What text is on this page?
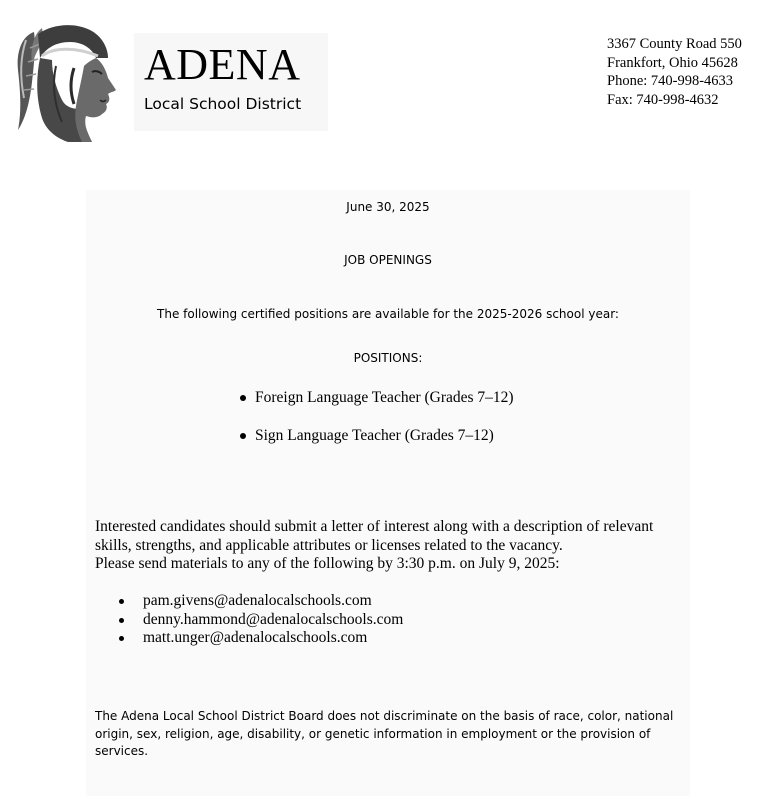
ADENA
Local School District
3367 County Road 550
Frankfort, Ohio 45628
Phone: 740-998-4633
Fax: 740-998-4632
June 30, 2025
JOB OPENINGS
The following certified positions are available for the 2025-2026 school year:
POSITIONS:
Foreign Language Teacher (Grades 7–12)
Sign Language Teacher (Grades 7–12)
Interested candidates should submit a letter of interest along with a description of relevant
skills, strengths, and applicable attributes or licenses related to the vacancy.
Please send materials to any of the following by 3:30 p.m. on July 9, 2025:
pam.givens@adenalocalschools.com
denny.hammond@adenalocalschools.com
matt.unger@adenalocalschools.com
The Adena Local School District Board does not discriminate on the basis of race, color, national
origin, sex, religion, age, disability, or genetic information in employment or the provision of
services.
